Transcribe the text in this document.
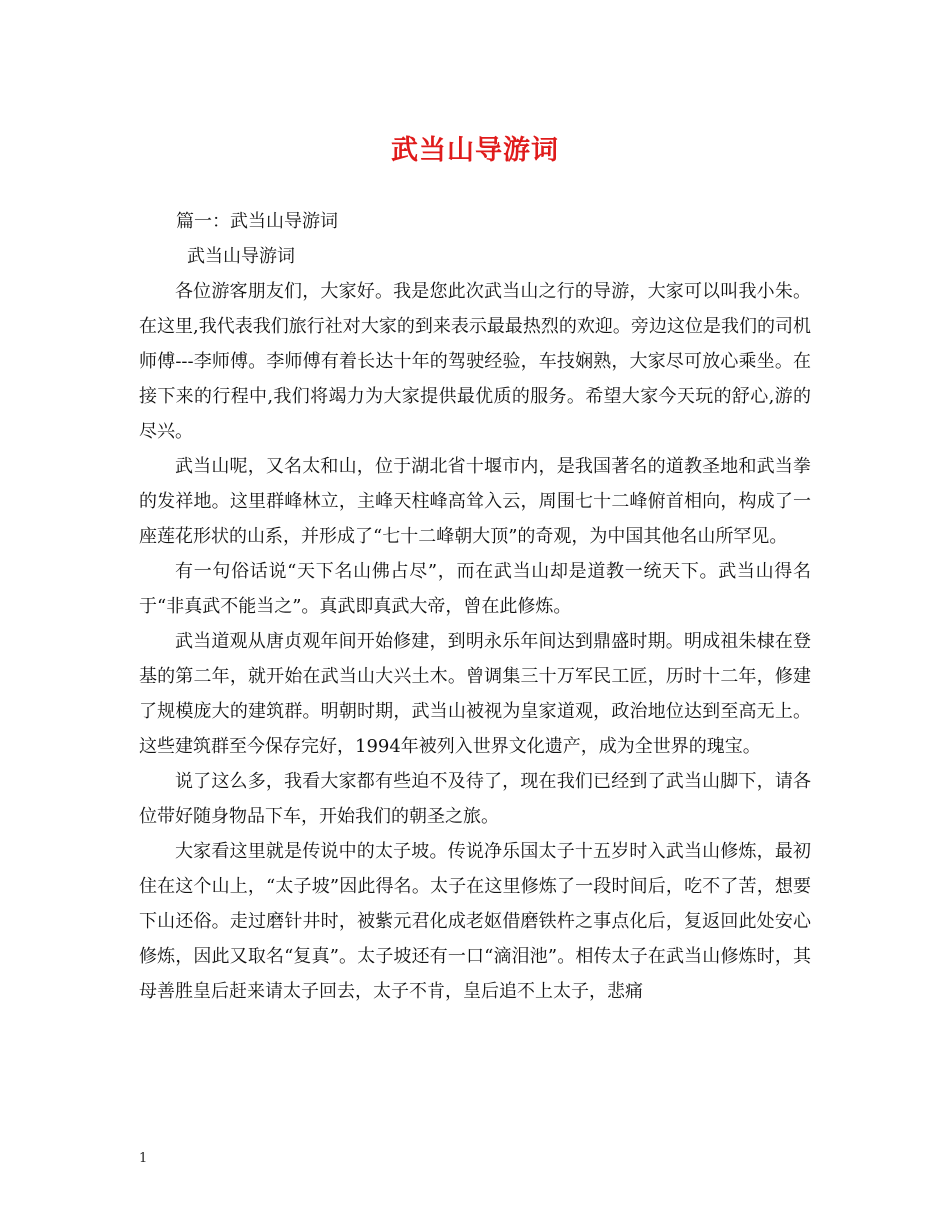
武当山导游词

篇一：武当山导游词

武当山导游词

各位游客朋友们，大家好。我是您此次武当山之行的导游，大家可以叫我小朱。在这里,我代表我们旅行社对大家的到来表示最最热烈的欢迎。旁边这位是我们的司机师傅---李师傅。李师傅有着长达十年的驾驶经验，车技娴熟，大家尽可放心乘坐。在接下来的行程中,我们将竭力为大家提供最优质的服务。希望大家今天玩的舒心,游的尽兴。

武当山呢，又名太和山，位于湖北省十堰市内，是我国著名的道教圣地和武当拳的发祥地。这里群峰林立，主峰天柱峰高耸入云，周围七十二峰俯首相向，构成了一座莲花形状的山系，并形成了“七十二峰朝大顶”的奇观，为中国其他名山所罕见。

有一句俗话说“天下名山佛占尽”，而在武当山却是道教一统天下。武当山得名于“非真武不能当之”。真武即真武大帝，曾在此修炼。

武当道观从唐贞观年间开始修建，到明永乐年间达到鼎盛时期。明成祖朱棣在登基的第二年，就开始在武当山大兴土木。曾调集三十万军民工匠，历时十二年，修建了规模庞大的建筑群。明朝时期，武当山被视为皇家道观，政治地位达到至高无上。这些建筑群至今保存完好，1994年被列入世界文化遗产，成为全世界的瑰宝。

说了这么多，我看大家都有些迫不及待了，现在我们已经到了武当山脚下，请各位带好随身物品下车，开始我们的朝圣之旅。

大家看这里就是传说中的太子坡。传说净乐国太子十五岁时入武当山修炼，最初住在这个山上，“太子坡”因此得名。太子在这里修炼了一段时间后，吃不了苦，想要下山还俗。走过磨针井时，被紫元君化成老妪借磨铁杵之事点化后，复返回此处安心修炼，因此又取名“复真”。太子坡还有一口“滴泪池”。相传太子在武当山修炼时，其母善胜皇后赶来请太子回去，太子不肯，皇后追不上太子，悲痛

1
